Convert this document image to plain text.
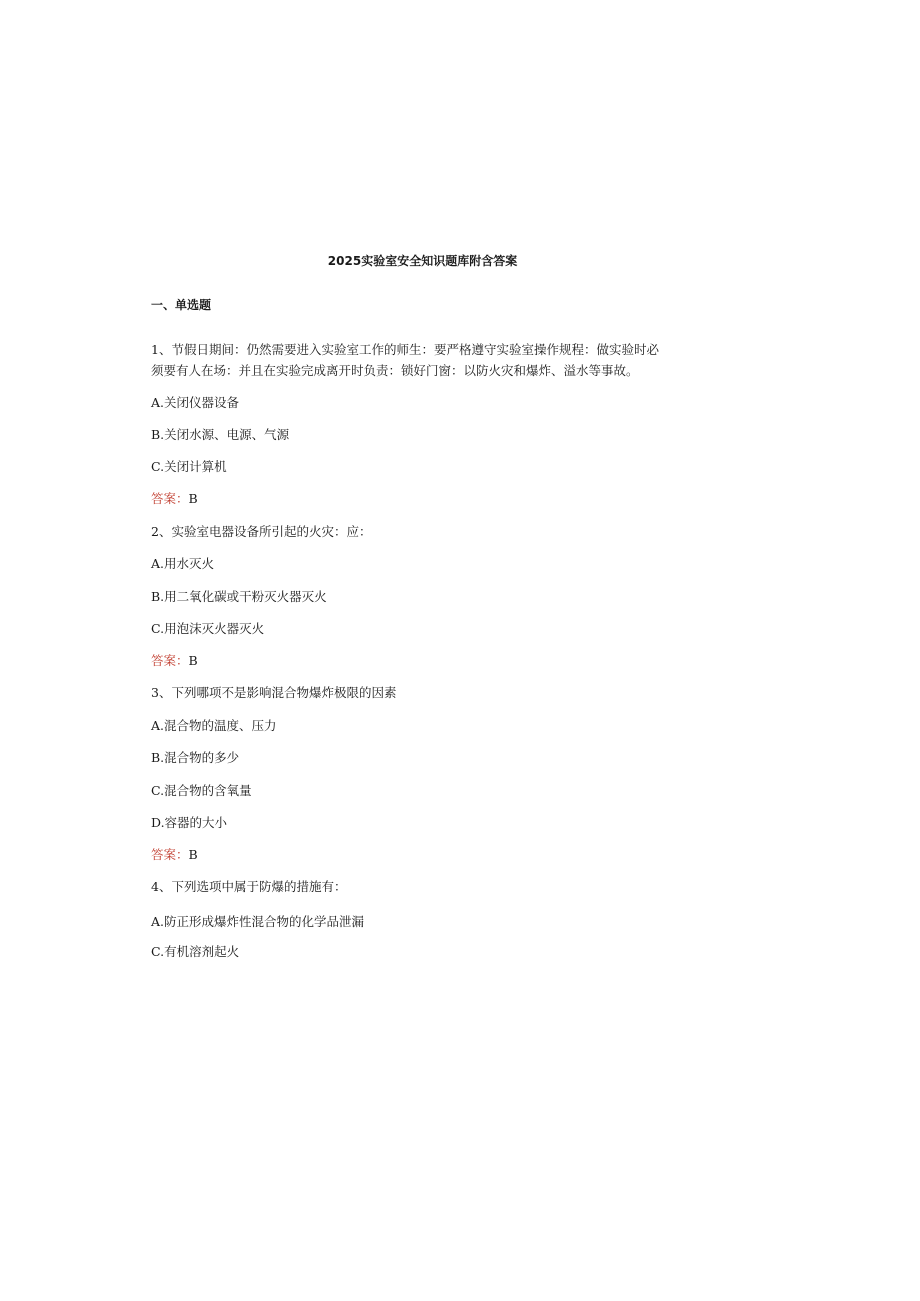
2025实验室安全知识题库附含答案
一、单选题
1、节假日期间：仍然需要进入实验室工作的师生：要严格遵守实验室操作规程：做实验时必
须要有人在场：并且在实验完成离开时负责：锁好门窗：以防火灾和爆炸、溢水等事故。
A.关闭仪器设备
B.关闭水源、电源、气源
C.关闭计算机
答案：B
2、实验室电器设备所引起的火灾：应：
A.用水灭火
B.用二氧化碳或干粉灭火器灭火
C.用泡沫灭火器灭火
答案：B
3、下列哪项不是影响混合物爆炸极限的因素
A.混合物的温度、压力
B.混合物的多少
C.混合物的含氧量
D.容器的大小
答案：B
4、下列选项中属于防爆的措施有：
A.防正形成爆炸性混合物的化学品泄漏
C.有机溶剂起火
